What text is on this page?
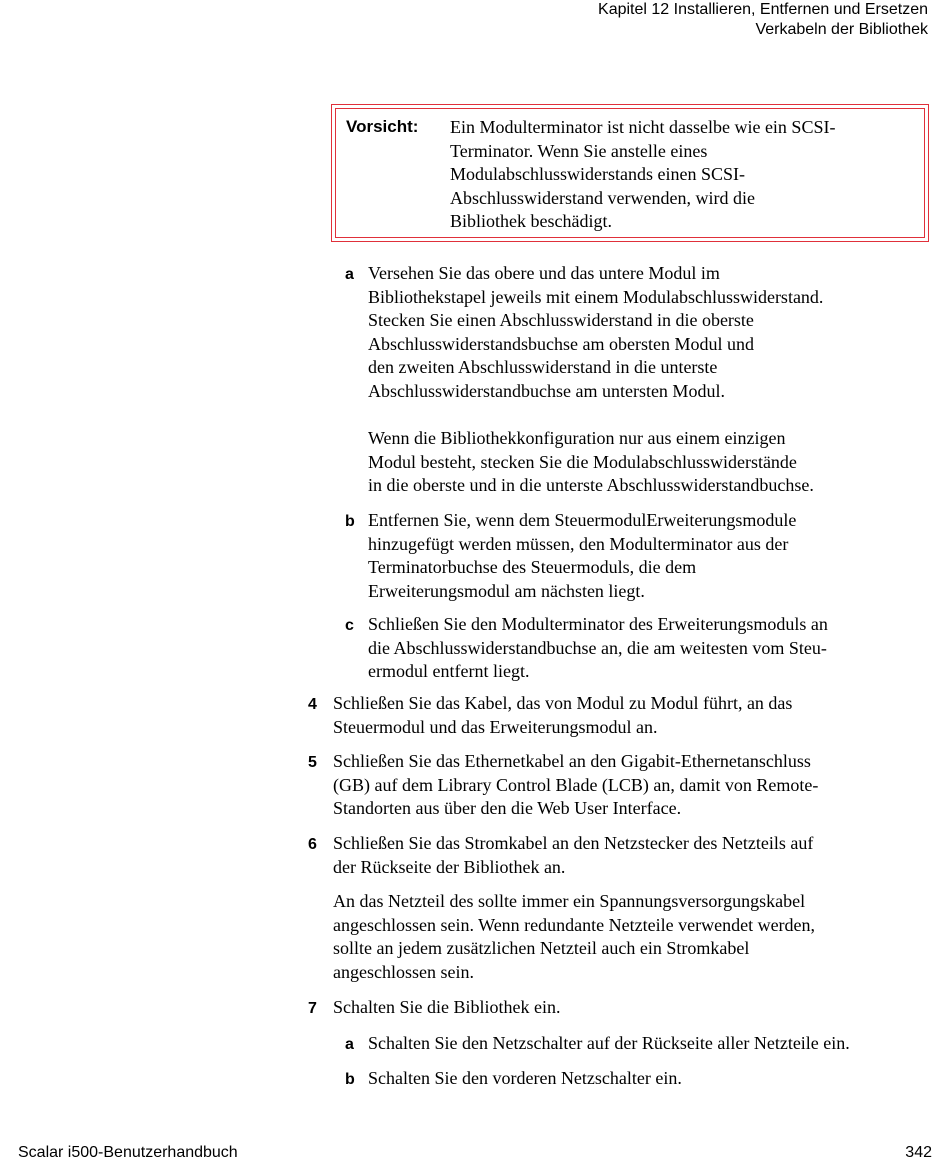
Kapitel 12 Installieren, Entfernen und Ersetzen
Verkabeln der Bibliothek
Vorsicht: Ein Modulterminator ist nicht dasselbe wie ein SCSI-
Terminator. Wenn Sie anstelle eines
Modulabschlusswiderstands einen SCSI-
Abschlusswiderstand verwenden, wird die
Bibliothek beschädigt.
a Versehen Sie das obere und das untere Modul im
Bibliothekstapel jeweils mit einem Modulabschlusswiderstand.
Stecken Sie einen Abschlusswiderstand in die oberste
Abschlusswiderstandsbuchse am obersten Modul und
den zweiten Abschlusswiderstand in die unterste
Abschlusswiderstandbuchse am untersten Modul.
Wenn die Bibliothekkonfiguration nur aus einem einzigen
Modul besteht, stecken Sie die Modulabschlusswiderstände
in die oberste und in die unterste Abschlusswiderstandbuchse.
b Entfernen Sie, wenn dem SteuermodulErweiterungsmodule
hinzugefügt werden müssen, den Modulterminator aus der
Terminatorbuchse des Steuermoduls, die dem
Erweiterungsmodul am nächsten liegt.
c Schließen Sie den Modulterminator des Erweiterungsmoduls an
die Abschlusswiderstandbuchse an, die am weitesten vom Steu-
ermodul entfernt liegt.
4 Schließen Sie das Kabel, das von Modul zu Modul führt, an das
Steuermodul und das Erweiterungsmodul an.
5 Schließen Sie das Ethernetkabel an den Gigabit-Ethernetanschluss
(GB) auf dem Library Control Blade (LCB) an, damit von Remote-
Standorten aus über den die Web User Interface.
6 Schließen Sie das Stromkabel an den Netzstecker des Netzteils auf
der Rückseite der Bibliothek an.
An das Netzteil des sollte immer ein Spannungsversorgungskabel
angeschlossen sein. Wenn redundante Netzteile verwendet werden,
sollte an jedem zusätzlichen Netzteil auch ein Stromkabel
angeschlossen sein.
7 Schalten Sie die Bibliothek ein.
a Schalten Sie den Netzschalter auf der Rückseite aller Netzteile ein.
b Schalten Sie den vorderen Netzschalter ein.
Scalar i500-Benutzerhandbuch	342
